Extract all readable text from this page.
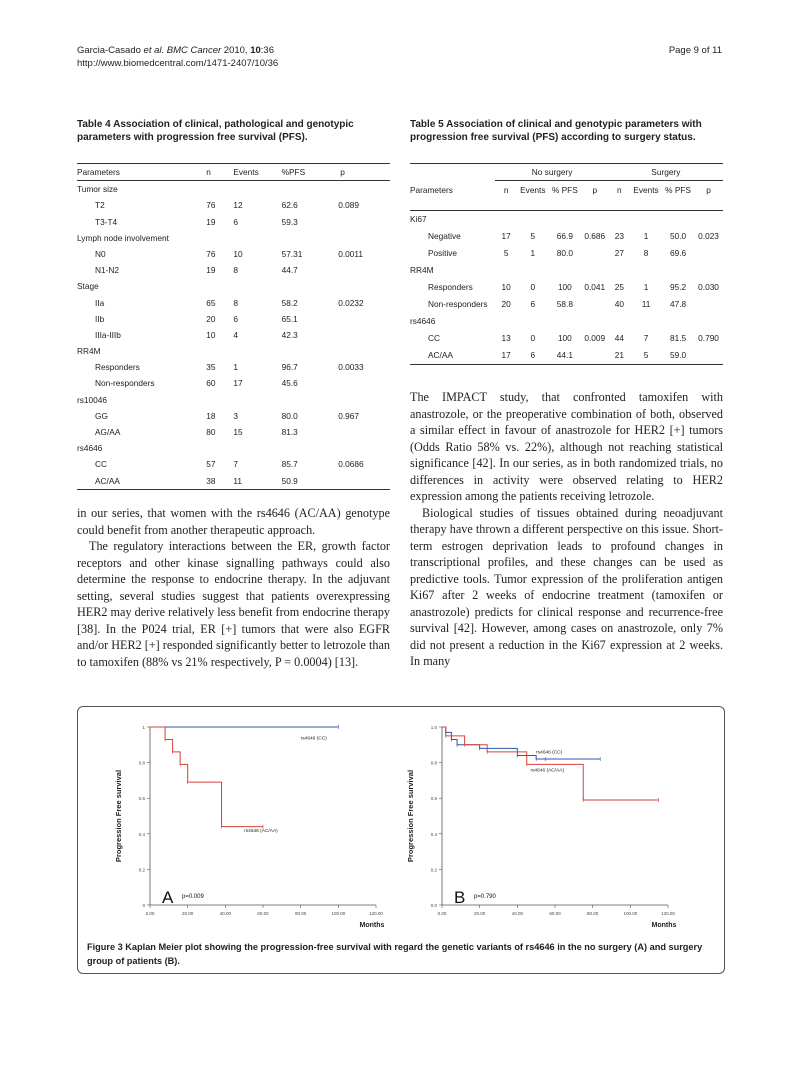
Garcia-Casado et al. BMC Cancer 2010, 10:36
http://www.biomedcentral.com/1471-2407/10/36
Page 9 of 11
Table 4 Association of clinical, pathological and genotypic parameters with progression free survival (PFS).
Parameters	n	Events	%PFS	p
Tumor size				
T2	76	12	62.6	0.089
T3-T4	19	6	59.3	
Lymph node involvement				
N0	76	10	57.31	0.0011
N1-N2	19	8	44.7	
Stage				
IIa	65	8	58.2	0.0232
IIb	20	6	65.1	
IIIa-IIIb	10	4	42.3	
RR4M				
Responders	35	1	96.7	0.0033
Non-responders	60	17	45.6	
rs10046				
GG	18	3	80.0	0.967
AG/AA	80	15	81.3	
rs4646				
CC	57	7	85.7	0.0686
AC/AA	38	11	50.9	
Table 5 Association of clinical and genotypic parameters with progression free survival (PFS) according to surgery status.
	No surgery				Surgery			
Parameters	n	Events	% PFS	p	n	Events	% PFS	p
Ki67								
Negative	17	5	66.9	0.686	23	1	50.0	0.023
Positive	5	1	80.0		27	8	69.6	
RR4M								
Responders	10	0	100	0.041	25	1	95.2	0.030
Non-responders	20	6	58.8		40	11	47.8	
rs4646								
CC	13	0	100	0.009	44	7	81.5	0.790
AC/AA	17	6	44.1		21	5	59.0	

in our series, that women with the rs4646 (AC/AA) genotype could benefit from another therapeutic approach.

The regulatory interactions between the ER, growth factor receptors and other kinase signalling pathways could also determine the response to endocrine therapy. In the adjuvant setting, several studies suggest that patients overexpressing HER2 may derive relatively less benefit from endocrine therapy [38]. In the P024 trial, ER [+] tumors that were also EGFR and/or HER2 [+] responded significantly better to letrozole than to tamoxifen (88% vs 21% respectively, P = 0.0004) [13].

The IMPACT study, that confronted tamoxifen with anastrozole, or the preoperative combination of both, observed a similar effect in favour of anastrozole for HER2 [+] tumors (Odds Ratio 58% vs. 22%), although not reaching statistical significance [42]. In our series, as in both randomized trials, no differences in activity were observed relating to HER2 expression among the patients receiving letrozole.

Biological studies of tissues obtained during neoadjuvant therapy have thrown a different perspective on this issue. Short-term estrogen deprivation leads to profound changes in transcriptional profiles, and these changes can be used as predictive tools. Tumor expression of the proliferation antigen Ki67 after 2 weeks of endocrine treatment (tamoxifen or anastrozole) predicts for clinical response and recurrence-free survival [42]. However, among cases on anastrozole, only 7% did not present a reduction in the Ki67 expression at 2 weeks. In many

0
0.2
0.4
0.6
0.8
1
0.00	20.00	40.00	60.00	80.00	100.00	120.00
Months
Progression Free survival
A p=0.009
rs4646 (CC)
rs4646 (AC/AA)
0.0
0.2
0.4
0.6
0.8
1.0
0.00	20.00	40.00	60.00	80.00	100.00	120.00
Months
Progression Free survival
B p=0.790
rs4646 (CC)
rs4646 (AC/AA)
Figure 3 Kaplan Meier plot showing the progression-free survival with regard the genetic variants of rs4646 in the no surgery (A) and surgery group of patients (B).
